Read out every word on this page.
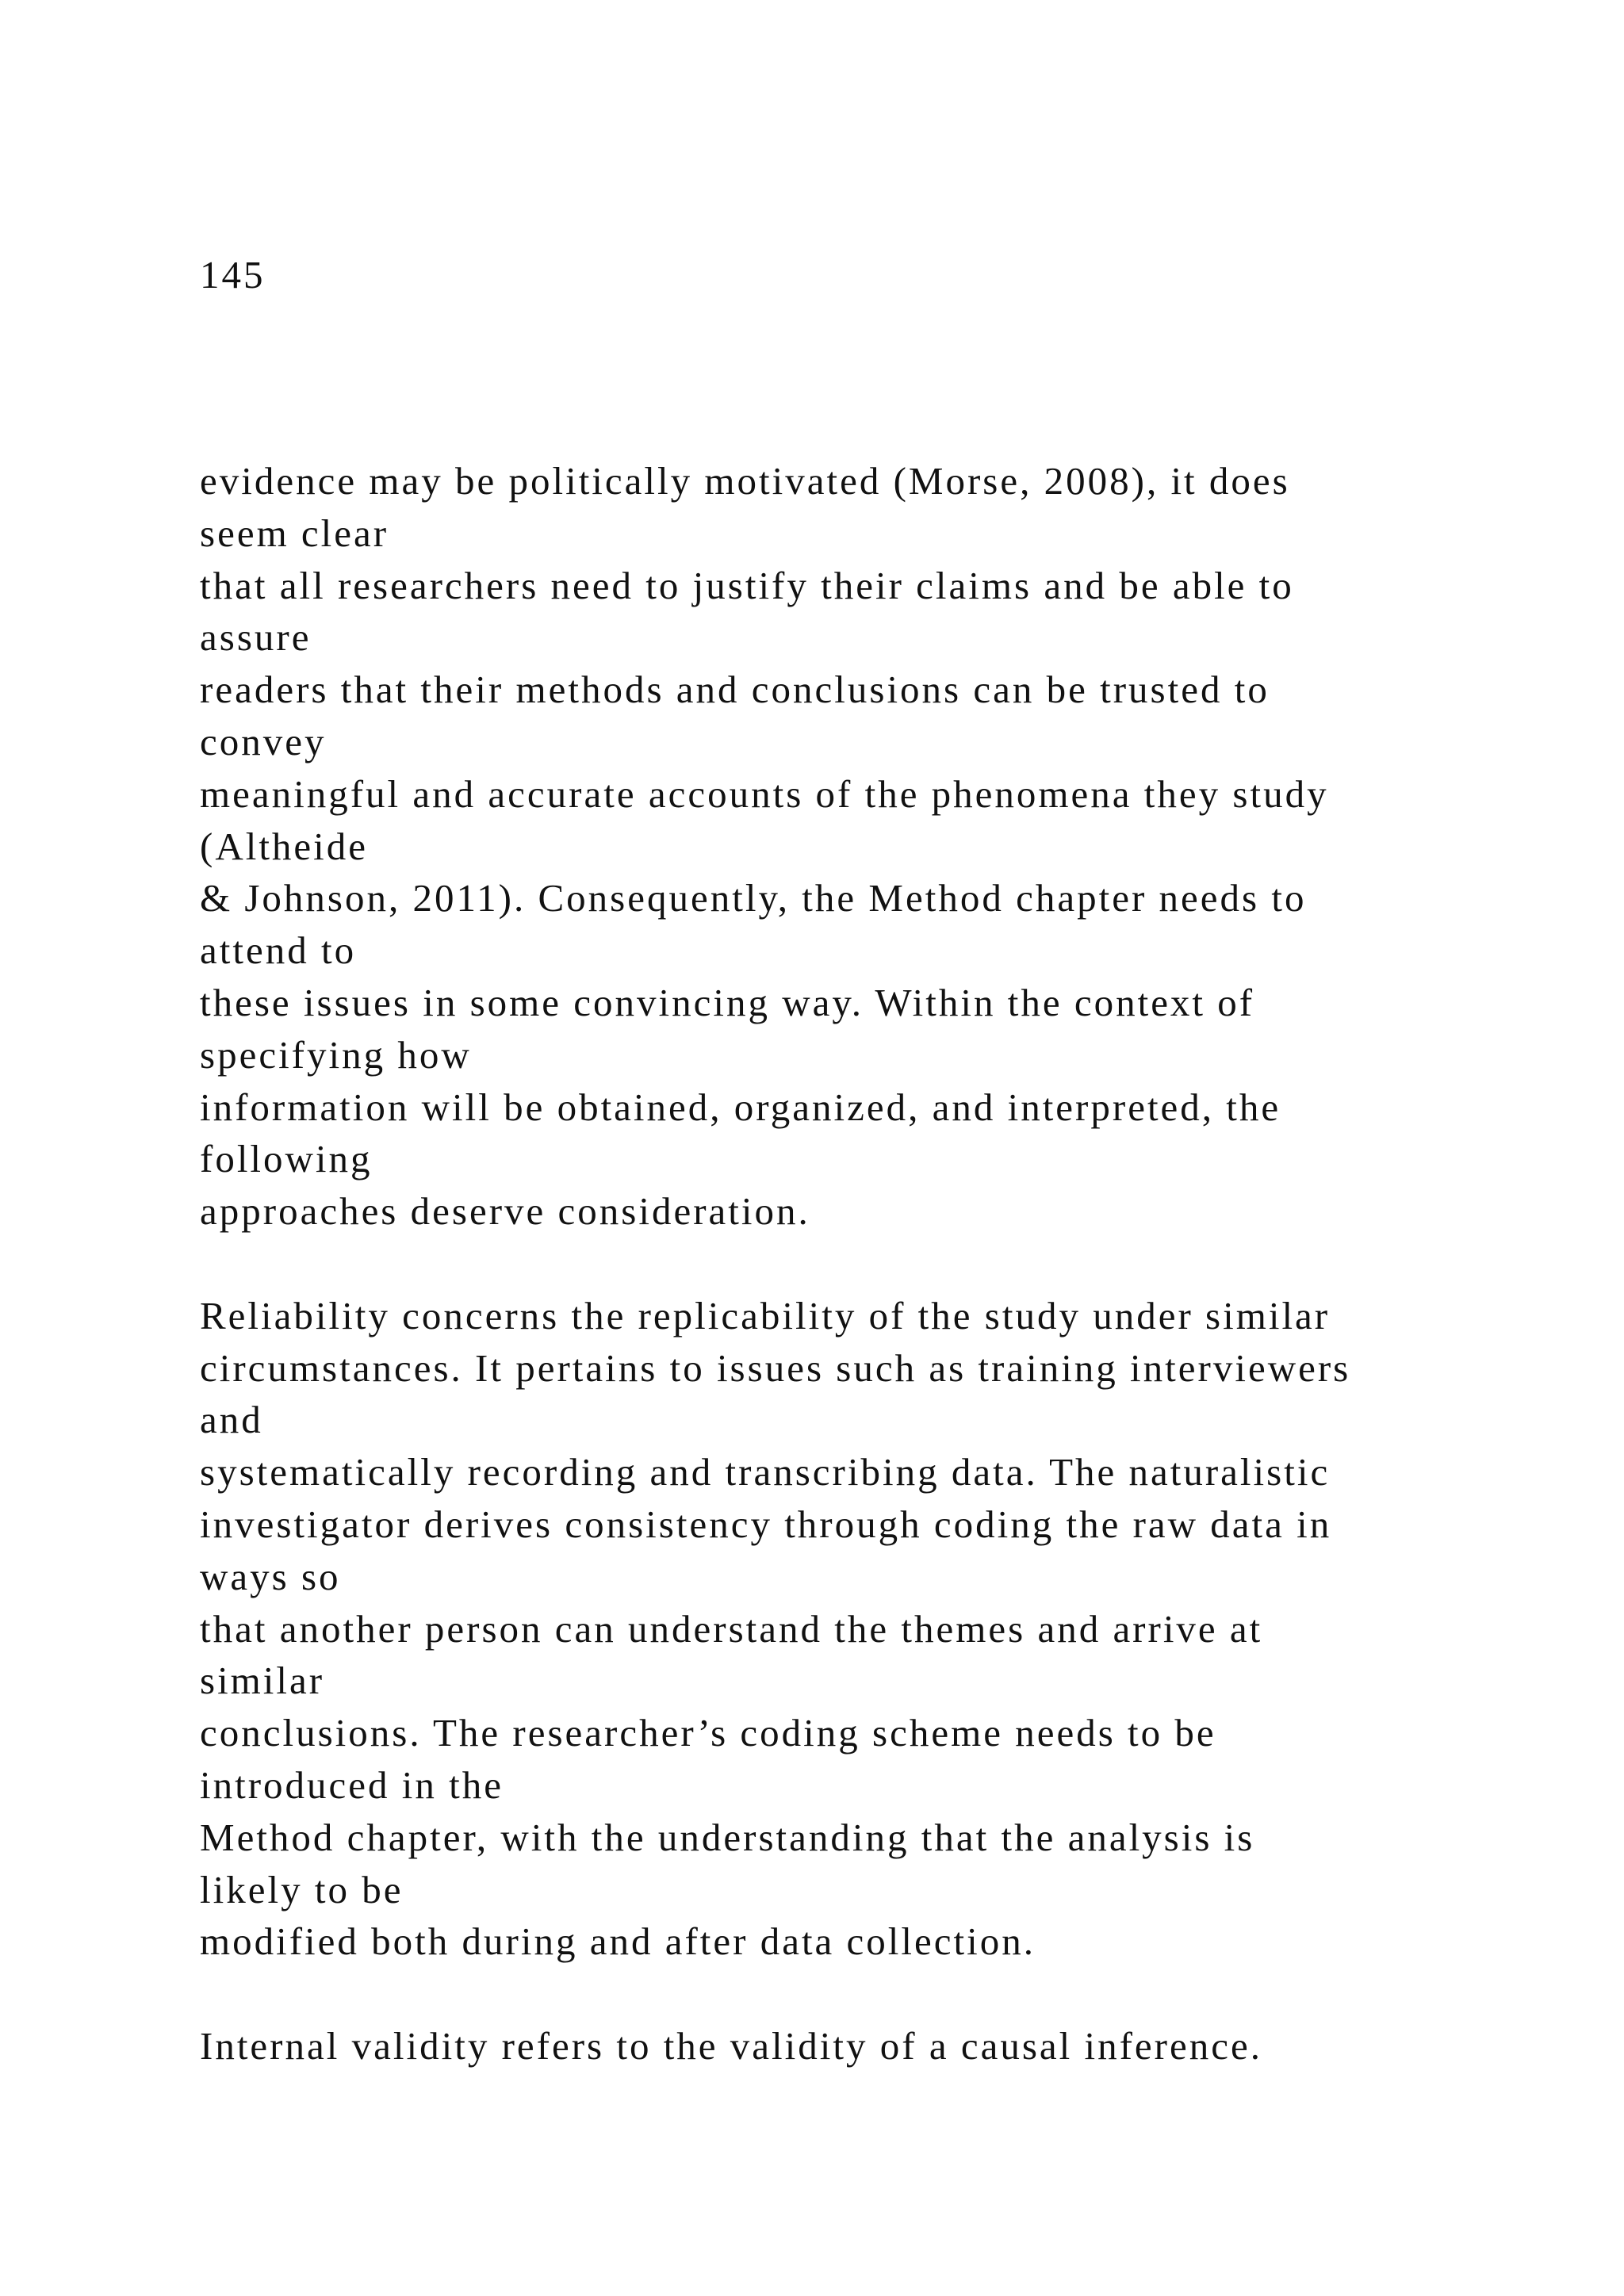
145
evidence may be politically motivated (Morse, 2008), it does
seem clear
that all researchers need to justify their claims and be able to
assure
readers that their methods and conclusions can be trusted to
convey
meaningful and accurate accounts of the phenomena they study
(Altheide
& Johnson, 2011). Consequently, the Method chapter needs to
attend to
these issues in some convincing way. Within the context of
specifying how
information will be obtained, organized, and interpreted, the
following
approaches deserve consideration.
Reliability concerns the replicability of the study under similar
circumstances. It pertains to issues such as training interviewers
and
systematically recording and transcribing data. The naturalistic
investigator derives consistency through coding the raw data in
ways so
that another person can understand the themes and arrive at
similar
conclusions. The researcher’s coding scheme needs to be
introduced in the
Method chapter, with the understanding that the analysis is
likely to be
modified both during and after data collection.
Internal validity refers to the validity of a causal inference.
